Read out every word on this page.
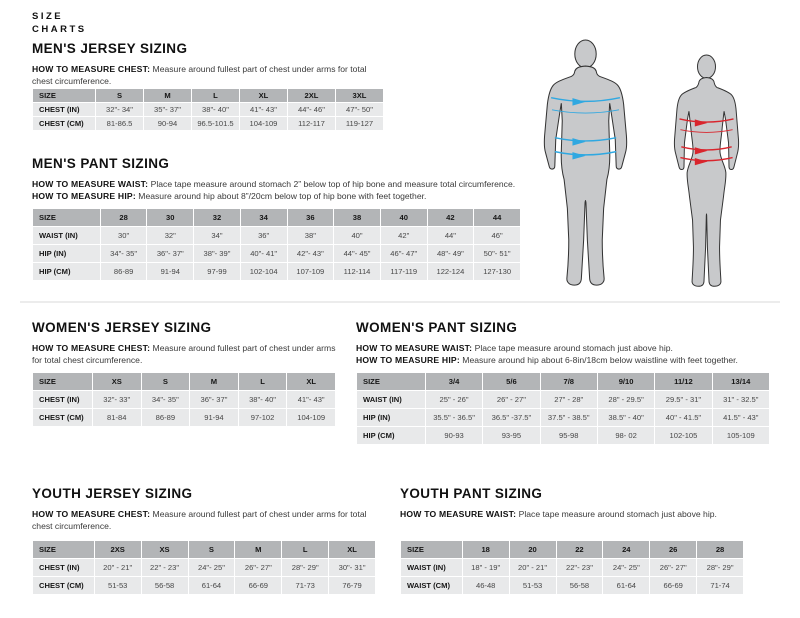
SIZE
CHARTS
MEN'S JERSEY SIZING

HOW TO MEASURE CHEST: Measure around fullest part of chest under arms for total chest circumference.

SIZE	S	M	L	XL	2XL	3XL
CHEST (IN)	32"- 34"	35"- 37"	38"- 40"	41"- 43"	44"- 46"	47"- 50"
CHEST (CM)	81-86.5	90-94	96.5-101.5	104-109	112-117	119-127
MEN'S PANT SIZING

HOW TO MEASURE WAIST: Place tape measure around stomach 2” below top of hip bone and measure total circumference.

HOW TO MEASURE HIP: Measure around hip about 8”/20cm below top of hip bone with feet together.

SIZE	28	30	32	34	36	38	40	42	44
WAIST (IN)	30"	32"	34"	36"	38"	40"	42"	44"	46"
HIP (IN)	34"- 35"	36"- 37"	38"- 39"	40"- 41"	42"- 43"	44"- 45"	46"- 47"	48"- 49"	50"- 51"
HIP (CM)	86-89	91-94	97-99	102-104	107-109	112-114	117-119	122-124	127-130
WOMEN'S JERSEY SIZING

HOW TO MEASURE CHEST: Measure around fullest part of chest under arms for total chest circumference.

SIZE	XS	S	M	L	XL
CHEST (IN)	32"- 33"	34"- 35"	36"- 37"	38"- 40"	41"- 43"
CHEST (CM)	81-84	86-89	91-94	97-102	104-109
WOMEN'S PANT SIZING

HOW TO MEASURE WAIST: Place tape measure around stomach just above hip.

HOW TO MEASURE HIP: Measure around hip about 6-8in/18cm below waistline with feet together.

SIZE	3/4	5/6	7/8	9/10	11/12	13/14
WAIST (IN)	25" - 26"	26" - 27"	27" - 28"	28" - 29.5"	29.5" - 31"	31" - 32.5"
HIP (IN)	35.5" - 36.5"	36.5" -37.5"	37.5" - 38.5"	38.5" - 40"	40" - 41.5"	41.5" - 43"
HIP (CM)	90-93	93-95	95-98	98- 02	102-105	105-109
YOUTH JERSEY SIZING

HOW TO MEASURE CHEST: Measure around fullest part of chest under arms for total chest circumference.

SIZE	2XS	XS	S	M	L	XL
CHEST (IN)	20" - 21"	22" - 23"	24"- 25"	26"- 27"	28"- 29"	30"- 31"
CHEST (CM)	51-53	56-58	61-64	66-69	71-73	76-79
YOUTH PANT SIZING

HOW TO MEASURE WAIST: Place tape measure around stomach just above hip.

SIZE	18	20	22	24	26	28
WAIST (IN)	18" - 19"	20" - 21"	22"- 23"	24"- 25"	26"- 27"	28"- 29"
WAIST (CM)	46-48	51-53	56-58	61-64	66-69	71-74
